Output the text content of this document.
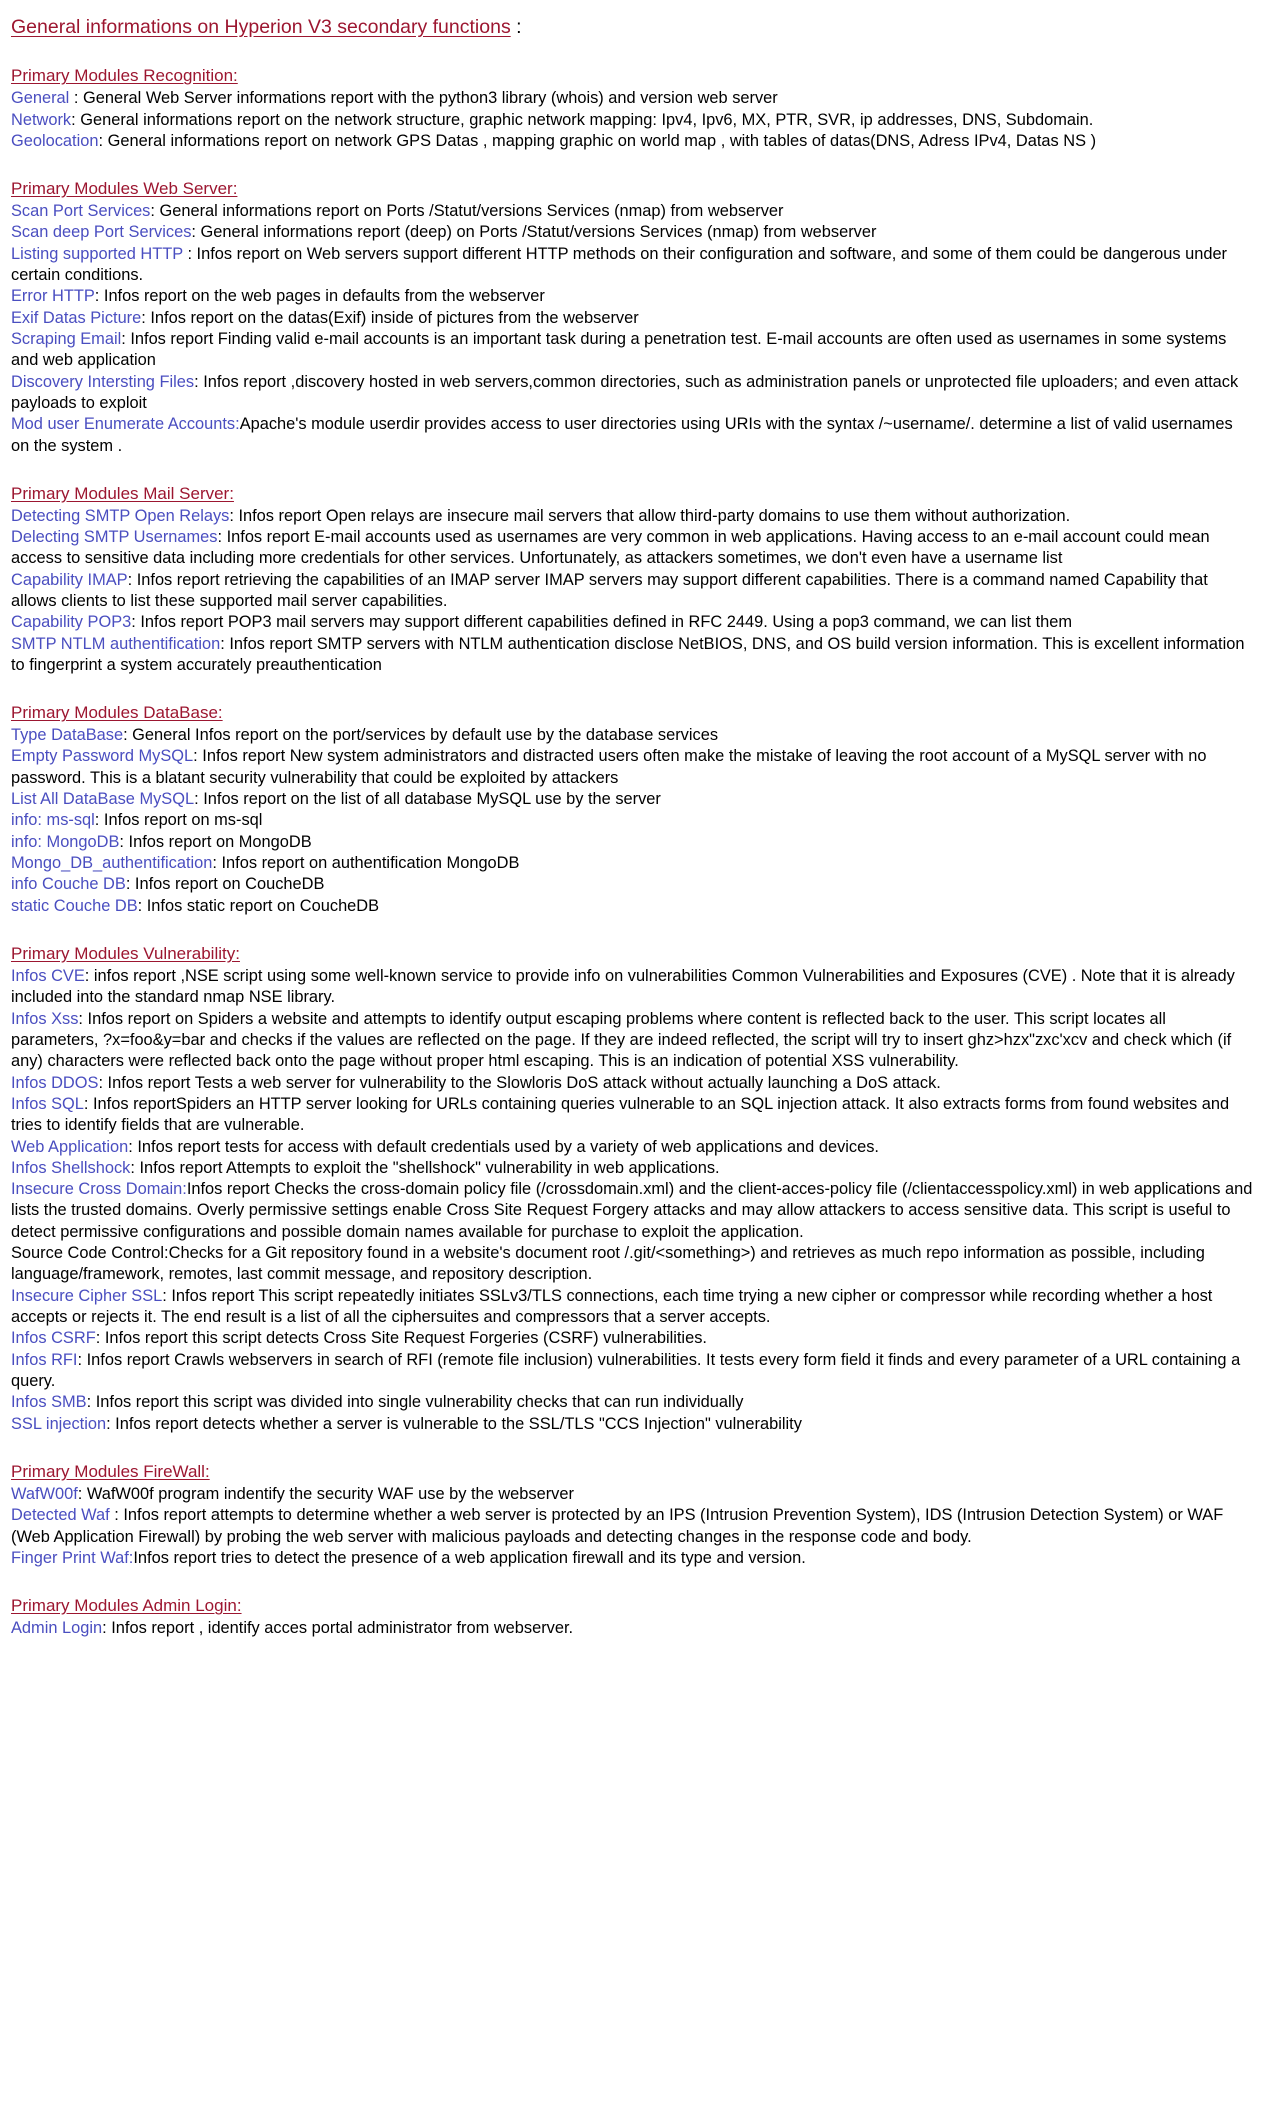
General informations on Hyperion V3 secondary functions :
Primary Modules Recognition:
General : General Web Server informations report with the python3 library (whois) and version web server
Network: General informations report on the network structure, graphic network mapping: Ipv4, Ipv6, MX, PTR, SVR, ip addresses, DNS, Subdomain.
Geolocation: General informations report on network GPS Datas , mapping graphic on world map , with tables of datas(DNS, Adress IPv4, Datas NS )
Primary Modules Web Server:
Scan Port Services: General informations report on Ports /Statut/versions Services (nmap) from webserver
Scan deep Port Services: General informations report (deep) on Ports /Statut/versions Services (nmap) from webserver
Listing supported HTTP : Infos report on Web servers support different HTTP methods on their configuration and software, and some of them could be dangerous under certain conditions.
Error HTTP: Infos report on the web pages in defaults from the webserver
Exif Datas Picture: Infos report on the datas(Exif) inside of pictures from the webserver
Scraping Email: Infos report Finding valid e-mail accounts is an important task during a penetration test. E-mail accounts are often used as usernames in some systems and web application
Discovery Intersting Files: Infos report ,discovery hosted in web servers,common directories, such as administration panels or unprotected file uploaders; and even attack payloads to exploit
Mod user Enumerate Accounts:Apache's module userdir provides access to user directories using URIs with the syntax /~username/. determine a list of valid usernames on the system .
Primary Modules Mail Server:
Detecting SMTP Open Relays: Infos report Open relays are insecure mail servers that allow third-party domains to use them without authorization.
Delecting SMTP Usernames: Infos report E-mail accounts used as usernames are very common in web applications. Having access to an e-mail account could mean access to sensitive data including more credentials for other services. Unfortunately, as attackers sometimes, we don't even have a username list
Capability IMAP: Infos report retrieving the capabilities of an IMAP server IMAP servers may support different capabilities. There is a command named Capability that allows clients to list these supported mail server capabilities.
Capability POP3: Infos report POP3 mail servers may support different capabilities defined in RFC 2449. Using a pop3 command, we can list them
SMTP NTLM authentification: Infos report SMTP servers with NTLM authentication disclose NetBIOS, DNS, and OS build version information. This is excellent information to fingerprint a system accurately preauthentication
Primary Modules DataBase:
Type DataBase: General Infos report on the port/services by default use by the database services
Empty Password MySQL: Infos report New system administrators and distracted users often make the mistake of leaving the root account of a MySQL server with no password. This is a blatant security vulnerability that could be exploited by attackers
List All DataBase MySQL: Infos report on the list of all database MySQL use by the server
info: ms-sql: Infos report on ms-sql
info: MongoDB: Infos report on MongoDB
Mongo_DB_authentification: Infos report on authentification MongoDB
info Couche DB: Infos report on CoucheDB
static Couche DB: Infos static report on CoucheDB
Primary Modules Vulnerability:
Infos CVE: infos report ,NSE script using some well-known service to provide info on vulnerabilities Common Vulnerabilities and Exposures (CVE) . Note that it is already included into the standard nmap NSE library.
Infos Xss: Infos report on Spiders a website and attempts to identify output escaping problems where content is reflected back to the user. This script locates all parameters, ?x=foo&y=bar and checks if the values are reflected on the page. If they are indeed reflected, the script will try to insert ghz>hzx"zxc'xcv and check which (if any) characters were reflected back onto the page without proper html escaping. This is an indication of potential XSS vulnerability.
Infos DDOS: Infos report Tests a web server for vulnerability to the Slowloris DoS attack without actually launching a DoS attack.
Infos SQL: Infos reportSpiders an HTTP server looking for URLs containing queries vulnerable to an SQL injection attack. It also extracts forms from found websites and tries to identify fields that are vulnerable.
Web Application: Infos report tests for access with default credentials used by a variety of web applications and devices.
Infos Shellshock: Infos report Attempts to exploit the "shellshock" vulnerability in web applications.
Insecure Cross Domain:Infos report Checks the cross-domain policy file (/crossdomain.xml) and the client-acces-policy file (/clientaccesspolicy.xml) in web applications and lists the trusted domains. Overly permissive settings enable Cross Site Request Forgery attacks and may allow attackers to access sensitive data. This script is useful to detect permissive configurations and possible domain names available for purchase to exploit the application.
Source Code Control:Checks for a Git repository found in a website's document root /.git/<something>) and retrieves as much repo information as possible, including language/framework, remotes, last commit message, and repository description.
Insecure Cipher SSL: Infos report This script repeatedly initiates SSLv3/TLS connections, each time trying a new cipher or compressor while recording whether a host accepts or rejects it. The end result is a list of all the ciphersuites and compressors that a server accepts.
Infos CSRF: Infos report this script detects Cross Site Request Forgeries (CSRF) vulnerabilities.
Infos RFI: Infos report Crawls webservers in search of RFI (remote file inclusion) vulnerabilities. It tests every form field it finds and every parameter of a URL containing a query.
Infos SMB: Infos report this script was divided into single vulnerability checks that can run individually
SSL injection: Infos report detects whether a server is vulnerable to the SSL/TLS "CCS Injection" vulnerability
Primary Modules FireWall:
WafW00f: WafW00f program indentify the security WAF use by the webserver
Detected Waf : Infos report attempts to determine whether a web server is protected by an IPS (Intrusion Prevention System), IDS (Intrusion Detection System) or WAF (Web Application Firewall) by probing the web server with malicious payloads and detecting changes in the response code and body.
Finger Print Waf:Infos report tries to detect the presence of a web application firewall and its type and version.
Primary Modules Admin Login:
Admin Login: Infos report , identify acces portal administrator from webserver.
